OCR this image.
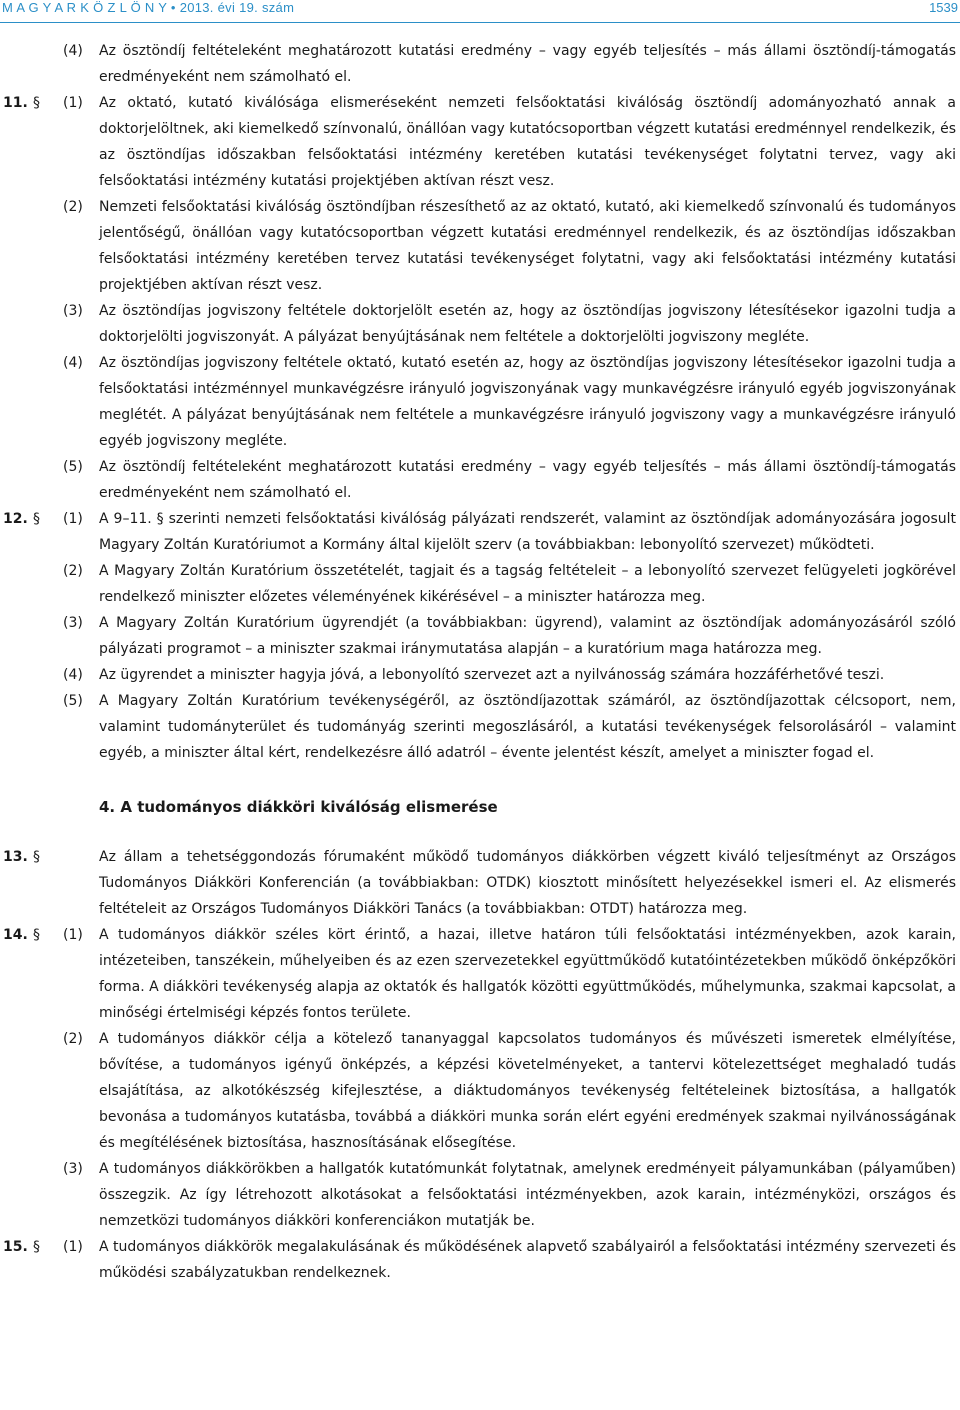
M A G Y A R K Ö Z L Ö N Y • 2013. évi 19. szám	1539
(4)	Az ösztöndíj feltételeként meghatározott kutatási eredmény – vagy egyéb teljesítés – más állami ösztöndíj-támogatás eredményeként nem számolható el.
11. §	(1)	Az oktató, kutató kiválósága elismeréseként nemzeti felsőoktatási kiválóság ösztöndíj adományozható annak a doktorjelöltnek, aki kiemelkedő színvonalú, önállóan vagy kutatócsoportban végzett kutatási eredménnyel rendelkezik, és az ösztöndíjas időszakban felsőoktatási intézmény keretében kutatási tevékenységet folytatni tervez, vagy aki felsőoktatási intézmény kutatási projektjében aktívan részt vesz.
(2)	Nemzeti felsőoktatási kiválóság ösztöndíjban részesíthető az az oktató, kutató, aki kiemelkedő színvonalú és tudományos jelentőségű, önállóan vagy kutatócsoportban végzett kutatási eredménnyel rendelkezik, és az ösztöndíjas időszakban felsőoktatási intézmény keretében tervez kutatási tevékenységet folytatni, vagy aki felsőoktatási intézmény kutatási projektjében aktívan részt vesz.
(3)	Az ösztöndíjas jogviszony feltétele doktorjelölt esetén az, hogy az ösztöndíjas jogviszony létesítésekor igazolni tudja a doktorjelölti jogviszonyát. A pályázat benyújtásának nem feltétele a doktorjelölti jogviszony megléte.
(4)	Az ösztöndíjas jogviszony feltétele oktató, kutató esetén az, hogy az ösztöndíjas jogviszony létesítésekor igazolni tudja a felsőoktatási intézménnyel munkavégzésre irányuló jogviszonyának vagy munkavégzésre irányuló egyéb jogviszonyának meglétét. A pályázat benyújtásának nem feltétele a munkavégzésre irányuló jogviszony vagy a munkavégzésre irányuló egyéb jogviszony megléte.
(5)	Az ösztöndíj feltételeként meghatározott kutatási eredmény – vagy egyéb teljesítés – más állami ösztöndíj-támogatás eredményeként nem számolható el.
12. §	(1)	A 9–11. § szerinti nemzeti felsőoktatási kiválóság pályázati rendszerét, valamint az ösztöndíjak adományozására jogosult Magyary Zoltán Kuratóriumot a Kormány által kijelölt szerv (a továbbiakban: lebonyolító szervezet) működteti.
(2)	A Magyary Zoltán Kuratórium összetételét, tagjait és a tagság feltételeit – a lebonyolító szervezet felügyeleti jogkörével rendelkező miniszter előzetes véleményének kikérésével – a miniszter határozza meg.
(3)	A Magyary Zoltán Kuratórium ügyrendjét (a továbbiakban: ügyrend), valamint az ösztöndíjak adományozásáról szóló pályázati programot – a miniszter szakmai iránymutatása alapján – a kuratórium maga határozza meg.
(4)	Az ügyrendet a miniszter hagyja jóvá, a lebonyolító szervezet azt a nyilvánosság számára hozzáférhetővé teszi.
(5)	A Magyary Zoltán Kuratórium tevékenységéről, az ösztöndíjazottak számáról, az ösztöndíjazottak célcsoport, nem, valamint tudományterület és tudományág szerinti megoszlásáról, a kutatási tevékenységek felsorolásáról – valamint egyéb, a miniszter által kért, rendelkezésre álló adatról – évente jelentést készít, amelyet a miniszter fogad el.
4. A tudományos diákköri kiválóság elismerése
13. §	Az állam a tehetséggondozás fórumaként működő tudományos diákkörben végzett kiváló teljesítményt az Országos Tudományos Diákköri Konferencián (a továbbiakban: OTDK) kiosztott minősített helyezésekkel ismeri el. Az elismerés feltételeit az Országos Tudományos Diákköri Tanács (a továbbiakban: OTDT) határozza meg.
14. §	(1)	A tudományos diákkör széles kört érintő, a hazai, illetve határon túli felsőoktatási intézményekben, azok karain, intézeteiben, tanszékein, műhelyeiben és az ezen szervezetekkel együttműködő kutatóintézetekben működő önképzőköri forma. A diákköri tevékenység alapja az oktatók és hallgatók közötti együttműködés, műhelymunka, szakmai kapcsolat, a minőségi értelmiségi képzés fontos területe.
(2)	A tudományos diákkör célja a kötelező tananyaggal kapcsolatos tudományos és művészeti ismeretek elmélyítése, bővítése, a tudományos igényű önképzés, a képzési követelményeket, a tantervi kötelezettséget meghaladó tudás elsajátítása, az alkotókészség kifejlesztése, a diáktudományos tevékenység feltételeinek biztosítása, a hallgatók bevonása a tudományos kutatásba, továbbá a diákköri munka során elért egyéni eredmények szakmai nyilvánosságának és megítélésének biztosítása, hasznosításának elősegítése.
(3)	A tudományos diákkörökben a hallgatók kutatómunkát folytatnak, amelynek eredményeit pályamunkában (pályaműben) összegzik. Az így létrehozott alkotásokat a felsőoktatási intézményekben, azok karain, intézményközi, országos és nemzetközi tudományos diákköri konferenciákon mutatják be.
15. §	(1)	A tudományos diákkörök megalakulásának és működésének alapvető szabályairól a felsőoktatási intézmény szervezeti és működési szabályzatukban rendelkeznek.
